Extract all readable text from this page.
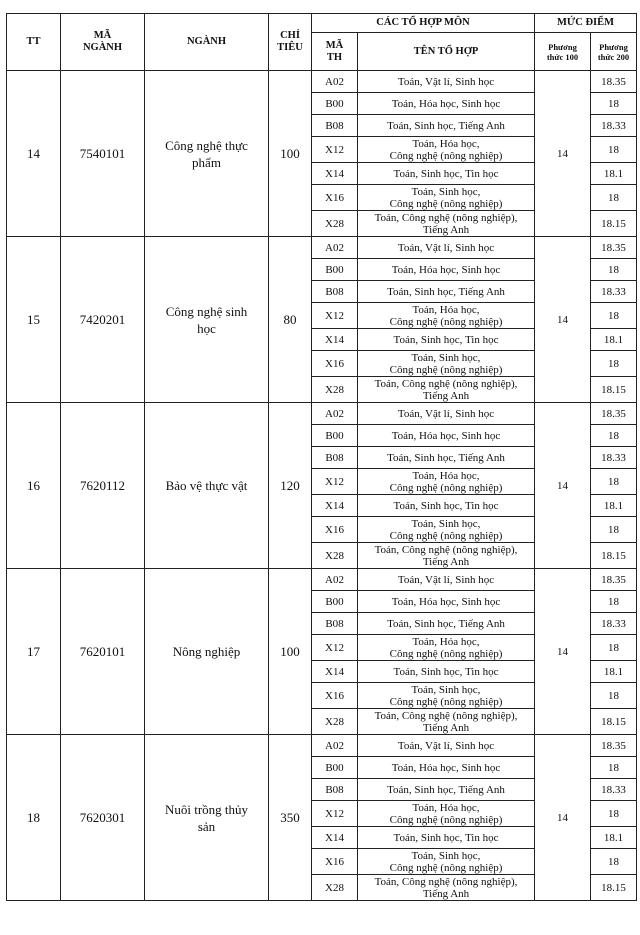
TT	MÃ
NGÀNH	NGÀNH	CHỈ
TIÊU	CÁC TỔ HỢP MÔN		MỨC ĐIỂM	

				MÃ
TH	TÊN TỔ HỢP	Phương
thức 100	Phương
thức 200

14	7540101	Công nghệ thực
phẩm	100	A02	Toán, Vật lí, Sinh học	14	18.35
				B00	Toán, Hóa học, Sinh học		18
				B08	Toán, Sinh học, Tiếng Anh		18.33
				X12	Toán, Hóa học,
Công nghệ (nông nghiệp)		18
				X14	Toán, Sinh học, Tin học		18.1
				X16	Toán, Sinh học,
Công nghệ (nông nghiệp)		18
				X28	Toán, Công nghệ (nông nghiệp),
Tiếng Anh		18.15
15	7420201	Công nghệ sinh
học	80	A02	Toán, Vật lí, Sinh học	14	18.35
				B00	Toán, Hóa học, Sinh học		18
				B08	Toán, Sinh học, Tiếng Anh		18.33
				X12	Toán, Hóa học,
Công nghệ (nông nghiệp)		18
				X14	Toán, Sinh học, Tin học		18.1
				X16	Toán, Sinh học,
Công nghệ (nông nghiệp)		18
				X28	Toán, Công nghệ (nông nghiệp),
Tiếng Anh		18.15
16	7620112	Bảo vệ thực vật	120	A02	Toán, Vật lí, Sinh học	14	18.35
				B00	Toán, Hóa học, Sinh học		18
				B08	Toán, Sinh học, Tiếng Anh		18.33
				X12	Toán, Hóa học,
Công nghệ (nông nghiệp)		18
				X14	Toán, Sinh học, Tin học		18.1
				X16	Toán, Sinh học,
Công nghệ (nông nghiệp)		18
				X28	Toán, Công nghệ (nông nghiệp),
Tiếng Anh		18.15
17	7620101	Nông nghiệp	100	A02	Toán, Vật lí, Sinh học	14	18.35
				B00	Toán, Hóa học, Sinh học		18
				B08	Toán, Sinh học, Tiếng Anh		18.33
				X12	Toán, Hóa học,
Công nghệ (nông nghiệp)		18
				X14	Toán, Sinh học, Tin học		18.1
				X16	Toán, Sinh học,
Công nghệ (nông nghiệp)		18
				X28	Toán, Công nghệ (nông nghiệp),
Tiếng Anh		18.15
18	7620301	Nuôi trồng thủy
sản	350	A02	Toán, Vật lí, Sinh học	14	18.35
				B00	Toán, Hóa học, Sinh học		18
				B08	Toán, Sinh học, Tiếng Anh		18.33
				X12	Toán, Hóa học,
Công nghệ (nông nghiệp)		18
				X14	Toán, Sinh học, Tin học		18.1
				X16	Toán, Sinh học,
Công nghệ (nông nghiệp)		18
				X28	Toán, Công nghệ (nông nghiệp),
Tiếng Anh		18.15
